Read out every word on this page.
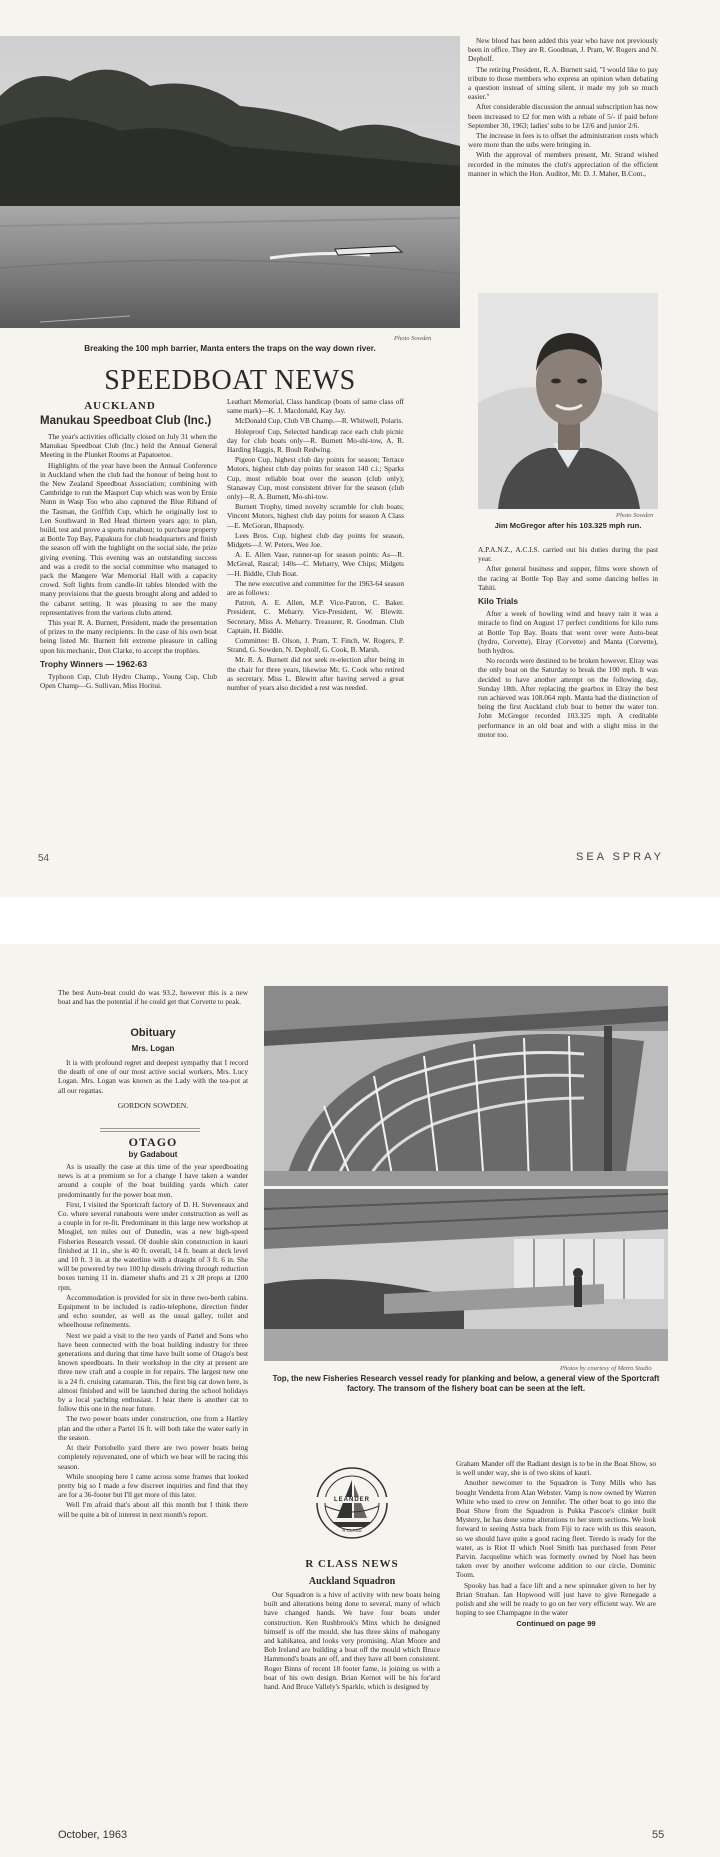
Photo Sowden
Breaking the 100 mph barrier, Manta enters the traps on the way down river.
SPEEDBOAT NEWS
AUCKLAND
Manukau Speedboat Club (Inc.)

The year's activities officially closed on July 31 when the Manukau Speedboat Club (Inc.) held the Annual General Meeting in the Plunket Rooms at Papatoetoe.

Highlights of the year have been the Annual Conference in Auckland when the club had the honour of being host to the New Zealand Speedboat Association; combining with Cambridge to run the Masport Cup which was won by Ernie Nunn in Wasp Too who also captured the Blue Riband of the Tasman, the Griffith Cup, which he originally lost to Len Southward in Red Head thirteen years ago; to plan, build, test and prove a sports runabout; to purchase property at Bottle Top Bay, Papakura for club headquarters and finish the season off with the highlight on the social side, the prize giving evening. This evening was an outstanding success and was a credit to the social committee who managed to pack the Mangere War Memorial Hall with a capacity crowd. Soft lights from candle-lit tables blended with the many provisions that the guests brought along and added to the cabaret setting. It was pleasing to see the many representatives from the various clubs attend.

This year R. A. Burnett, President, made the presentation of prizes to the many recipients. In the case of his own boat being listed Mr. Burnett felt extreme pleasure in calling upon his mechanic, Don Clarke, to accept the trophies.

Trophy Winners — 1962-63

Typhoon Cup, Club Hydro Champ., Young Cup, Club Open Champ—G. Sullivan, Miss Horitui.

Leathart Memorial, Class handicap (boats of same class off same mark)—K. J. Macdonald, Kay Jay.

McDonald Cup, Club VB Champ.—R. Whitwell, Polaris.

Holeproof Cup, Selected handicap race each club picnic day for club boats only—R. Burnett Mo-shi-tow, A. R. Harding Haggis, R. Boult Redwing.

Pigeon Cup, highest club day points for season; Terrace Motors, highest club day points for season 140 c.i.; Sparks Cup, most reliable boat over the season (club only); Stanaway Cup, most consistent driver for the season (club only)—R. A. Burnett, Mo-shi-tow.

Burnett Trophy, timed novelty scramble for club boats; Vincent Motors, highest club day points for season A Class—E. McGoran, Rhapsody.

Lees Bros. Cup, highest club day points for season, Midgets—J. W. Peters, Wee Joe.

A. E. Allen Vase, runner-up for season points: As—R. McGreal, Rascal; 140s—C. Meharry, Wee Chips; Midgets—H. Biddle, Club Boat.

The new executive and committee for the 1963-64 season are as follows:

Patron, A. E. Allen, M.P. Vice-Patron, C. Baker. President, C. Meharry. Vice-President, W. Blewitt. Secretary, Miss A. Meharry. Treasurer, R. Goodman. Club Captain, H. Biddle.

Committee: B. Olson, J. Pram, T. Finch, W. Rogers, P. Strand, G. Sowden, N. Depholf, G. Cook, B. Marsh.

Mr. R. A. Burnett did not seek re-election after being in the chair for three years, likewise Mr. G. Cook who retired as secretary. Miss L. Blewitt after having served a great number of years also decided a rest was needed.

New blood has been added this year who have not previously been in office. They are R. Goodman, J. Pram, W. Rogers and N. Depholf.

The retiring President, R. A. Burnett said, "I would like to pay tribute to those members who express an opinion when debating a question instead of sitting silent, it made my job so much easier."

After considerable discussion the annual subscription has now been increased to £2 for men with a rebate of 5/- if paid before September 30, 1963; ladies' subs to be 12/6 and junior 2/6.

The increase in fees is to offset the administration costs which were more than the subs were bringing in.

With the approval of members present, Mr. Strand wished recorded in the minutes the club's appreciation of the efficient manner in which the Hon. Auditor, Mr. D. J. Maher, B.Com.,

Photo Sowden
Jim McGregor after his 103.325 mph run.

A.P.A.N.Z., A.C.I.S. carried out his duties during the past year.

After general business and supper, films were shown of the racing at Bottle Top Bay and some dancing belles in Tahiti.

Kilo Trials

After a week of howling wind and heavy rain it was a miracle to find on August 17 perfect conditions for kilo runs at Bottle Top Bay. Boats that went over were Auto-beat (hydro, Corvette), Elray (Corvette) and Manta (Corvette), both hydros.

No records were destined to be broken however. Elray was the only boat on the Saturday to break the 100 mph. It was decided to have another attempt on the following day, Sunday 18th. After replacing the gearbox in Elray the best run achieved was 108.064 mph. Manta had the distinction of being the first Auckland club boat to better the water ton. John McGregor recorded 103.325 mph. A creditable performance in an old boat and with a slight miss in the motor too.

54	SEA SPRAY

The best Auto-beat could do was 93.2, however this is a new boat and has the potential if he could get that Corvette to peak.

Obituary
Mrs. Logan

It is with profound regret and deepest sympathy that I record the death of one of our most active social workers, Mrs. Lucy Logan. Mrs. Logan was known as the Lady with the tea-pot at all our regattas.

GORDON SOWDEN.

OTAGO
by Gadabout

As is usually the case at this time of the year speedboating news is at a premium so for a change I have taken a wander around a couple of the boat building yards which cater predominantly for the power boat men.

First, I visited the Sportcraft factory of D. H. Steveneaux and Co. where several runabouts were under construction as well as a couple in for re-fit. Predominant in this large new workshop at Mosgiel, ten miles out of Dunedin, was a new high-speed Fisheries Research vessel. Of double skin construction in kauri finished at 11 in., she is 40 ft. overall, 14 ft. beam at deck level and 10 ft. 3 in. at the waterline with a draught of 3 ft. 6 in. She will be powered by two 100 hp diesels driving through reduction boxes turning 11 in. diameter shafts and 21 x 28 props at 1200 rpm.

Accommodation is provided for six in three two-berth cabins. Equipment to be included is radio-telephone, direction finder and echo sounder, as well as the usual galley, toilet and wheelhouse refinements.

Next we paid a visit to the two yards of Partel and Sons who have been connected with the boat building industry for three generations and during that time have built some of Otago's best known speedboats. In their workshop in the city at present are three new craft and a couple in for repairs. The largest new one is a 24 ft. cruising catamaran. This, the first big cat down here, is almost finished and will be launched during the school holidays by a local yachting enthusiast. I hear there is another cat to follow this one in the near future.

The two power boats under construction, one from a Hartley plan and the other a Partel 16 ft. will both take the water early in the season.

At their Portobello yard there are two power boats being completely rejuvenated, one of which we hear will be racing this season.

While snooping here I came across some frames that looked pretty big so I made a few discreet inquiries and find that they are for a 36-footer but I'll get more of this later.

Well I'm afraid that's about all this month but I think there will be quite a bit of interest in next month's report.

Photos by courtesy of Metro Studio
Top, the new Fisheries Research vessel ready for planking and below, a general view of the Sportcraft factory. The transom of the fishery boat can be seen at the left.
LEANDER
R CLASS
R CLASS NEWS
Auckland Squadron

Our Squadron is a hive of activity with new boats being built and alterations being done to several, many of which have changed hands. We have four boats under construction. Ken Rushbrook's Minx which he designed himself is off the mould, she has three skins of mahogany and kahikatea, and looks very promising. Alan Moore and Bob Ireland are building a boat off the mould which Bruce Hammond's boats are off, and they have all been consistent. Roger Binns of recent 18 footer fame, is joining us with a boat of his own design. Brian Kernot will be his for'ard hand. And Bruce Vallely's Sparkle, which is designed by

Graham Mander off the Radiant design is to be in the Boat Show, so is well under way, she is of two skins of kauri.

Another newcomer to the Squadron is Tony Mills who has bought Vendetta from Alan Webster. Vamp is now owned by Warren White who used to crew on Jennifer. The other boat to go into the Boat Show from the Squadron is Pukka Pascoe's clinker built Mystery, he has done some alterations to her stern sections. We look forward to seeing Astra back from Fiji to race with us this season, so we should have quite a good racing fleet. Teredo is ready for the water, as is Riot II which Noel Smith has purchased from Peter Parvin. Jacqueline which was formerly owned by Noel has been taken over by another welcome addition to our circle, Dominic Toom.

Spooky has had a face lift and a new spinnaker given to her by Brian Strahan. Ian Hopwood will just have to give Renegade a polish and she will be ready to go on her very efficient way. We are hoping to see Champagne in the water

Continued on page 99

October, 1963	55
